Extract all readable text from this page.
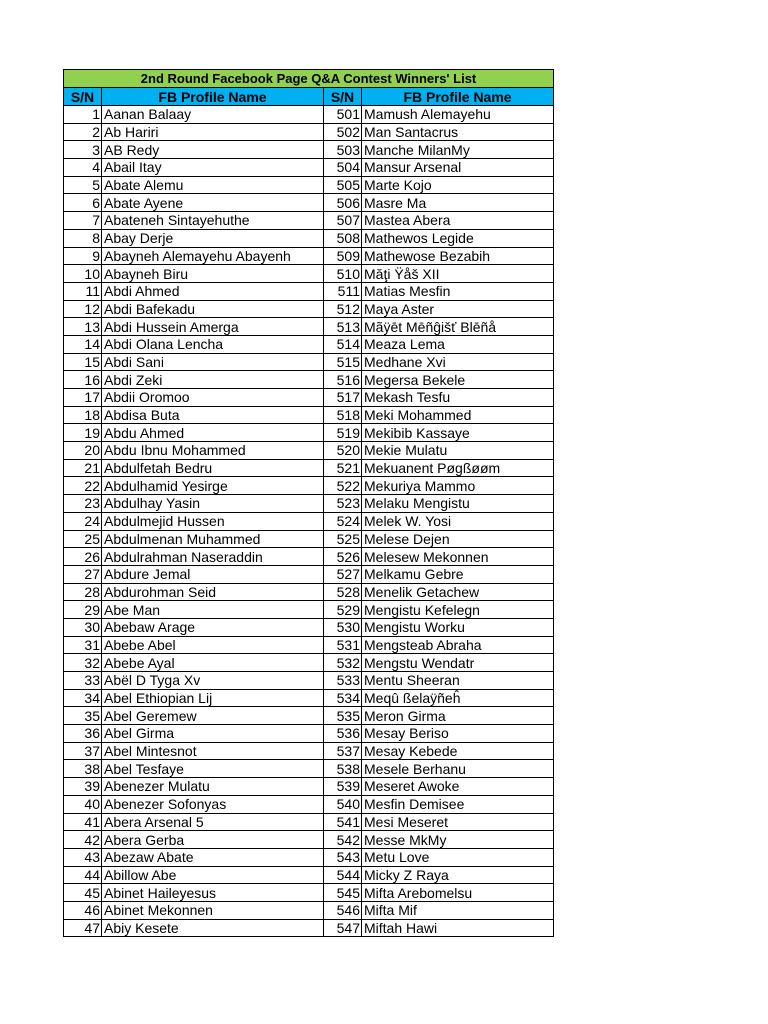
2nd Round Facebook Page Q&A Contest Winners' List			
S/N	FB Profile Name	S/N	FB Profile Name
1	Aanan Balaay	501	Mamush Alemayehu
2	Ab Hariri	502	Man Santacrus
3	AB Redy	503	Manche MilanMy
4	Abail Itay	504	Mansur Arsenal
5	Abate Alemu	505	Marte Kojo
6	Abate Ayene	506	Masre Ma
7	Abateneh Sintayehuthe	507	Mastea Abera
8	Abay Derje	508	Mathewos Legide
9	Abayneh Alemayehu Abayenh	509	Mathewose Bezabih
10	Abayneh Biru	510	Măţi Ÿåš ΧΙΙ
11	Abdi Ahmed	511	Matias Mesfin
12	Abdi Bafekadu	512	Maya Aster
13	Abdi Hussein Amerga	513	Mãÿēt Mēñĝišť Blēñå
14	Abdi Olana Lencha	514	Meaza Lema
15	Abdi Sani	515	Medhane Xvi
16	Abdi Zeki	516	Megersa Bekele
17	Abdii Oromoo	517	Mekash Tesfu
18	Abdisa Buta	518	Meki Mohammed
19	Abdu Ahmed	519	Mekibib Kassaye
20	Abdu Ibnu Mohammed	520	Mekie Mulatu
21	Abdulfetah Bedru	521	Mekuanent Pøgßøøm
22	Abdulhamid Yesirge	522	Mekuriya Mammo
23	Abdulhay Yasin	523	Melaku Mengistu
24	Abdulmejid Hussen	524	Melek W. Yosi
25	Abdulmenan Muhammed	525	Melese Dejen
26	Abdulrahman Naseraddin	526	Melesew Mekonnen
27	Abdure Jemal	527	Melkamu Gebre
28	Abdurohman Seid	528	Menelik Getachew
29	Abe Man	529	Mengistu Kefelegn
30	Abebaw Arage	530	Mengistu Worku
31	Abebe Abel	531	Mengsteab Abraha
32	Abebe Ayal	532	Mengstu Wendatr
33	Abël D Tyga Xv	533	Mentu Sheeran
34	Abel Ethiopian Lij	534	Meqû ßelaÿñeĥ
35	Abel Geremew	535	Meron Girma
36	Abel Girma	536	Mesay Beriso
37	Abel Mintesnot	537	Mesay Kebede
38	Abel Tesfaye	538	Mesele Berhanu
39	Abenezer Mulatu	539	Meseret Awoke
40	Abenezer Sofonyas	540	Mesfin Demisee
41	Abera Arsenal 5	541	Mesi Meseret
42	Abera Gerba	542	Messe MkMy
43	Abezaw Abate	543	Metu Love
44	Abillow Abe	544	Micky Z Raya
45	Abinet Haileyesus	545	Mifta Arebomelsu
46	Abinet Mekonnen	546	Mifta Mif
47	Abiy Kesete	547	Miftah Hawi
